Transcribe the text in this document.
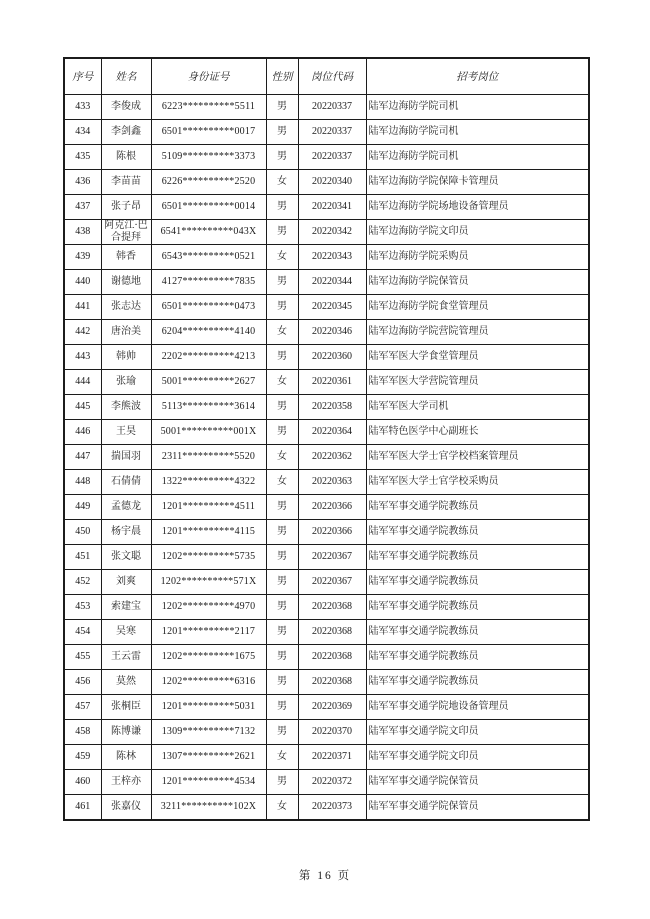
序号	姓名	身份证号	性别	岗位代码	招考岗位
433	李俊成	6223**********5511	男	20220337	陆军边海防学院司机
434	李剑鑫	6501**********0017	男	20220337	陆军边海防学院司机
435	陈根	5109**********3373	男	20220337	陆军边海防学院司机
436	李苗苗	6226**********2520	女	20220340	陆军边海防学院保障卡管理员
437	张子昂	6501**********0014	男	20220341	陆军边海防学院场地设备管理员
438	阿克江·巴合提拜	6541**********043X	男	20220342	陆军边海防学院文印员
439	韩香	6543**********0521	女	20220343	陆军边海防学院采购员
440	谢德地	4127**********7835	男	20220344	陆军边海防学院保管员
441	张志达	6501**********0473	男	20220345	陆军边海防学院食堂管理员
442	唐治美	6204**********4140	女	20220346	陆军边海防学院营院管理员
443	韩帅	2202**********4213	男	20220360	陆军军医大学食堂管理员
444	张瑜	5001**********2627	女	20220361	陆军军医大学营院管理员
445	李熊波	5113**********3614	男	20220358	陆军军医大学司机
446	王昊	5001**********001X	男	20220364	陆军特色医学中心副班长
447	揣国羽	2311**********5520	女	20220362	陆军军医大学士官学校档案管理员
448	石倩倩	1322**********4322	女	20220363	陆军军医大学士官学校采购员
449	孟德龙	1201**********4511	男	20220366	陆军军事交通学院教练员
450	杨宇晨	1201**********4115	男	20220366	陆军军事交通学院教练员
451	张文聪	1202**********5735	男	20220367	陆军军事交通学院教练员
452	刘爽	1202**********571X	男	20220367	陆军军事交通学院教练员
453	索建宝	1202**********4970	男	20220368	陆军军事交通学院教练员
454	吴寒	1201**********2117	男	20220368	陆军军事交通学院教练员
455	王云雷	1202**********1675	男	20220368	陆军军事交通学院教练员
456	莫然	1202**********6316	男	20220368	陆军军事交通学院教练员
457	张桐臣	1201**********5031	男	20220369	陆军军事交通学院地设备管理员
458	陈博谦	1309**********7132	男	20220370	陆军军事交通学院文印员
459	陈林	1307**********2621	女	20220371	陆军军事交通学院文印员
460	王梓亦	1201**********4534	男	20220372	陆军军事交通学院保管员
461	张嘉仪	3211**********102X	女	20220373	陆军军事交通学院保管员
第 16 页
